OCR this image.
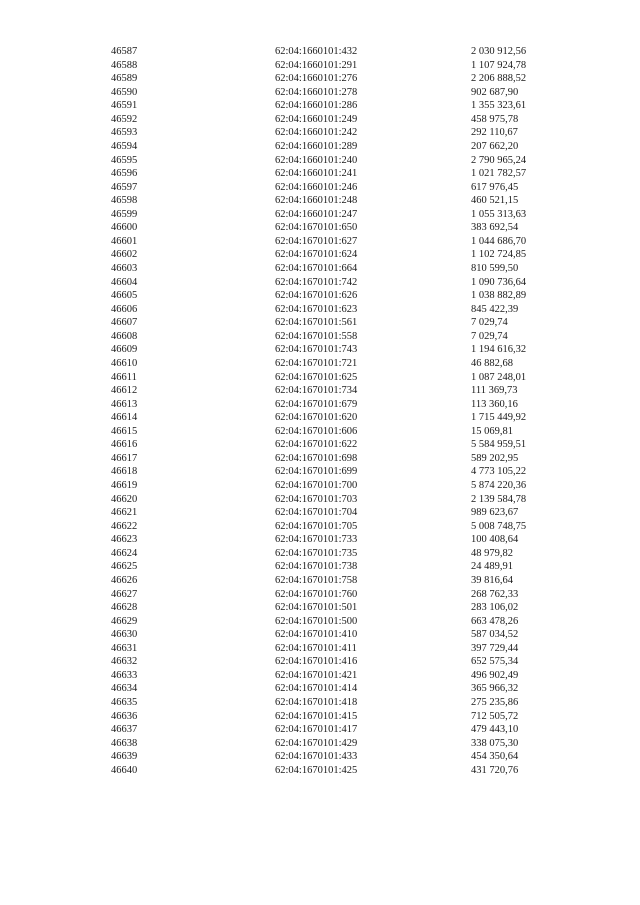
46587	62:04:1660101:432	2 030 912,56
46588	62:04:1660101:291	1 107 924,78
46589	62:04:1660101:276	2 206 888,52
46590	62:04:1660101:278	902 687,90
46591	62:04:1660101:286	1 355 323,61
46592	62:04:1660101:249	458 975,78
46593	62:04:1660101:242	292 110,67
46594	62:04:1660101:289	207 662,20
46595	62:04:1660101:240	2 790 965,24
46596	62:04:1660101:241	1 021 782,57
46597	62:04:1660101:246	617 976,45
46598	62:04:1660101:248	460 521,15
46599	62:04:1660101:247	1 055 313,63
46600	62:04:1670101:650	383 692,54
46601	62:04:1670101:627	1 044 686,70
46602	62:04:1670101:624	1 102 724,85
46603	62:04:1670101:664	810 599,50
46604	62:04:1670101:742	1 090 736,64
46605	62:04:1670101:626	1 038 882,89
46606	62:04:1670101:623	845 422,39
46607	62:04:1670101:561	7 029,74
46608	62:04:1670101:558	7 029,74
46609	62:04:1670101:743	1 194 616,32
46610	62:04:1670101:721	46 882,68
46611	62:04:1670101:625	1 087 248,01
46612	62:04:1670101:734	111 369,73
46613	62:04:1670101:679	113 360,16
46614	62:04:1670101:620	1 715 449,92
46615	62:04:1670101:606	15 069,81
46616	62:04:1670101:622	5 584 959,51
46617	62:04:1670101:698	589 202,95
46618	62:04:1670101:699	4 773 105,22
46619	62:04:1670101:700	5 874 220,36
46620	62:04:1670101:703	2 139 584,78
46621	62:04:1670101:704	989 623,67
46622	62:04:1670101:705	5 008 748,75
46623	62:04:1670101:733	100 408,64
46624	62:04:1670101:735	48 979,82
46625	62:04:1670101:738	24 489,91
46626	62:04:1670101:758	39 816,64
46627	62:04:1670101:760	268 762,33
46628	62:04:1670101:501	283 106,02
46629	62:04:1670101:500	663 478,26
46630	62:04:1670101:410	587 034,52
46631	62:04:1670101:411	397 729,44
46632	62:04:1670101:416	652 575,34
46633	62:04:1670101:421	496 902,49
46634	62:04:1670101:414	365 966,32
46635	62:04:1670101:418	275 235,86
46636	62:04:1670101:415	712 505,72
46637	62:04:1670101:417	479 443,10
46638	62:04:1670101:429	338 075,30
46639	62:04:1670101:433	454 350,64
46640	62:04:1670101:425	431 720,76
